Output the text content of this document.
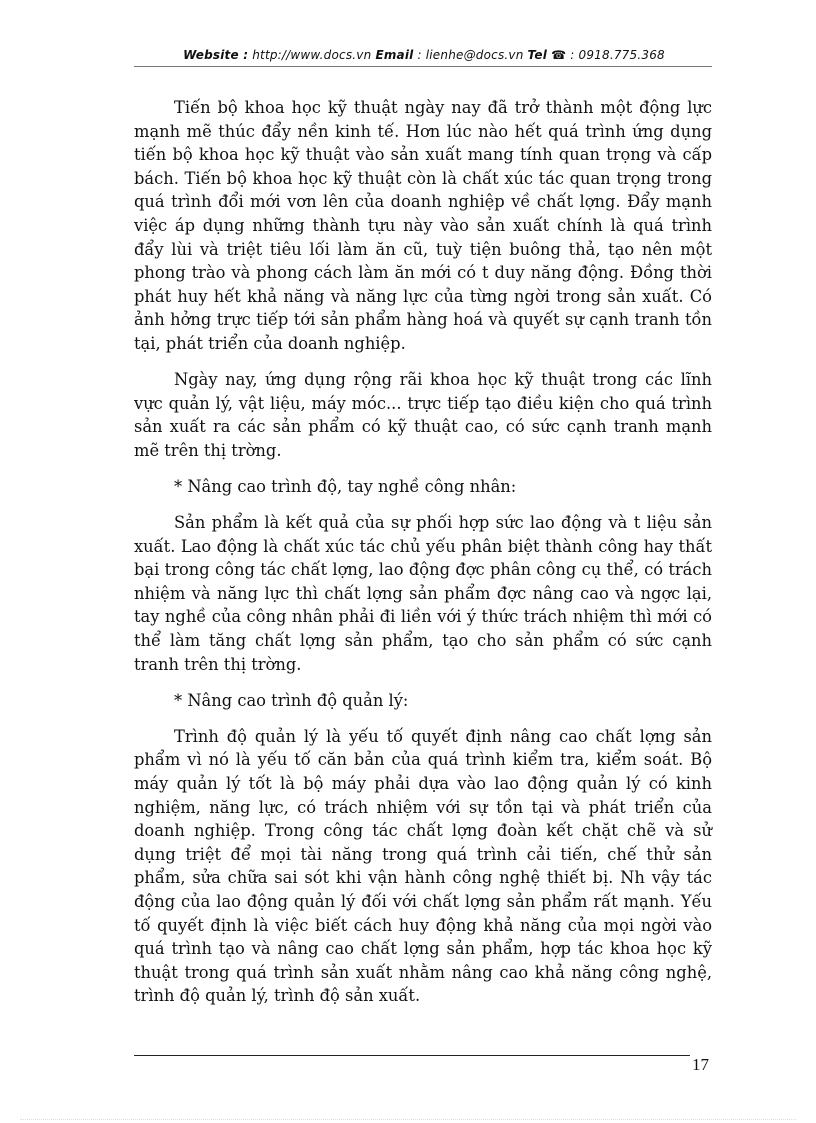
Website : http://www.docs.vn Email : lienhe@docs.vn Tel ☎ : 0918.775.368

Tiến bộ khoa học kỹ thuật ngày nay đã trở thành một động lực mạnh mẽ thúc đẩy nền kinh tế. Hơn lúc nào hết quá trình ứng dụng tiến bộ khoa học kỹ thuật vào sản xuất mang tính quan trọng và cấp bách. Tiến bộ khoa học kỹ thuật còn là chất xúc tác quan trọng trong quá trình đổi mới vơn lên của doanh nghiệp về chất lợng. Đẩy mạnh việc áp dụng những thành tựu này vào sản xuất chính là quá trình đẩy lùi và triệt tiêu lối làm ăn cũ, tuỳ tiện buông thả, tạo nên một phong trào và phong cách làm ăn mới có t duy năng động. Đồng thời phát huy hết khả năng và năng lực của từng ngời trong sản xuất. Có ảnh hởng trực tiếp tới sản phẩm hàng hoá và quyết sự cạnh tranh tồn tại, phát triển của doanh nghiệp.

Ngày nay, ứng dụng rộng rãi khoa học kỹ thuật trong các lĩnh vực quản lý, vật liệu, máy móc... trực tiếp tạo điều kiện cho quá trình sản xuất ra các sản phẩm có kỹ thuật cao, có sức cạnh tranh mạnh mẽ trên thị trờng.

* Nâng cao trình độ, tay nghề công nhân:

Sản phẩm là kết quả của sự phối hợp sức lao động và t liệu sản xuất. Lao động là chất xúc tác chủ yếu phân biệt thành công hay thất bại trong công tác chất lợng, lao động đợc phân công cụ thể, có trách nhiệm và năng lực thì chất lợng sản phẩm đợc nâng cao và ngợc lại, tay nghề của công nhân phải đi liền với ý thức trách nhiệm thì mới có thể làm tăng chất lợng sản phẩm, tạo cho sản phẩm có sức cạnh tranh trên thị trờng.

* Nâng cao trình độ quản lý:

Trình độ quản lý là yếu tố quyết định nâng cao chất lợng sản phẩm vì nó là yếu tố căn bản của quá trình kiểm tra, kiểm soát. Bộ máy quản lý tốt là bộ máy phải dựa vào lao động quản lý có kinh nghiệm, năng lực, có trách nhiệm với sự tồn tại và phát triển của doanh nghiệp. Trong công tác chất lợng đoàn kết chặt chẽ và sử dụng triệt để mọi tài năng trong quá trình cải tiến, chế thử sản phẩm, sửa chữa sai sót khi vận hành công nghệ thiết bị. Nh vậy tác động của lao động quản lý đối với chất lợng sản phẩm rất mạnh. Yếu tố quyết định là việc biết cách huy động khả năng của mọi ngời vào quá trình tạo và nâng cao chất lợng sản phẩm, hợp tác khoa học kỹ thuật trong quá trình sản xuất nhằm nâng cao khả năng công nghệ, trình độ quản lý, trình độ sản xuất.

17
